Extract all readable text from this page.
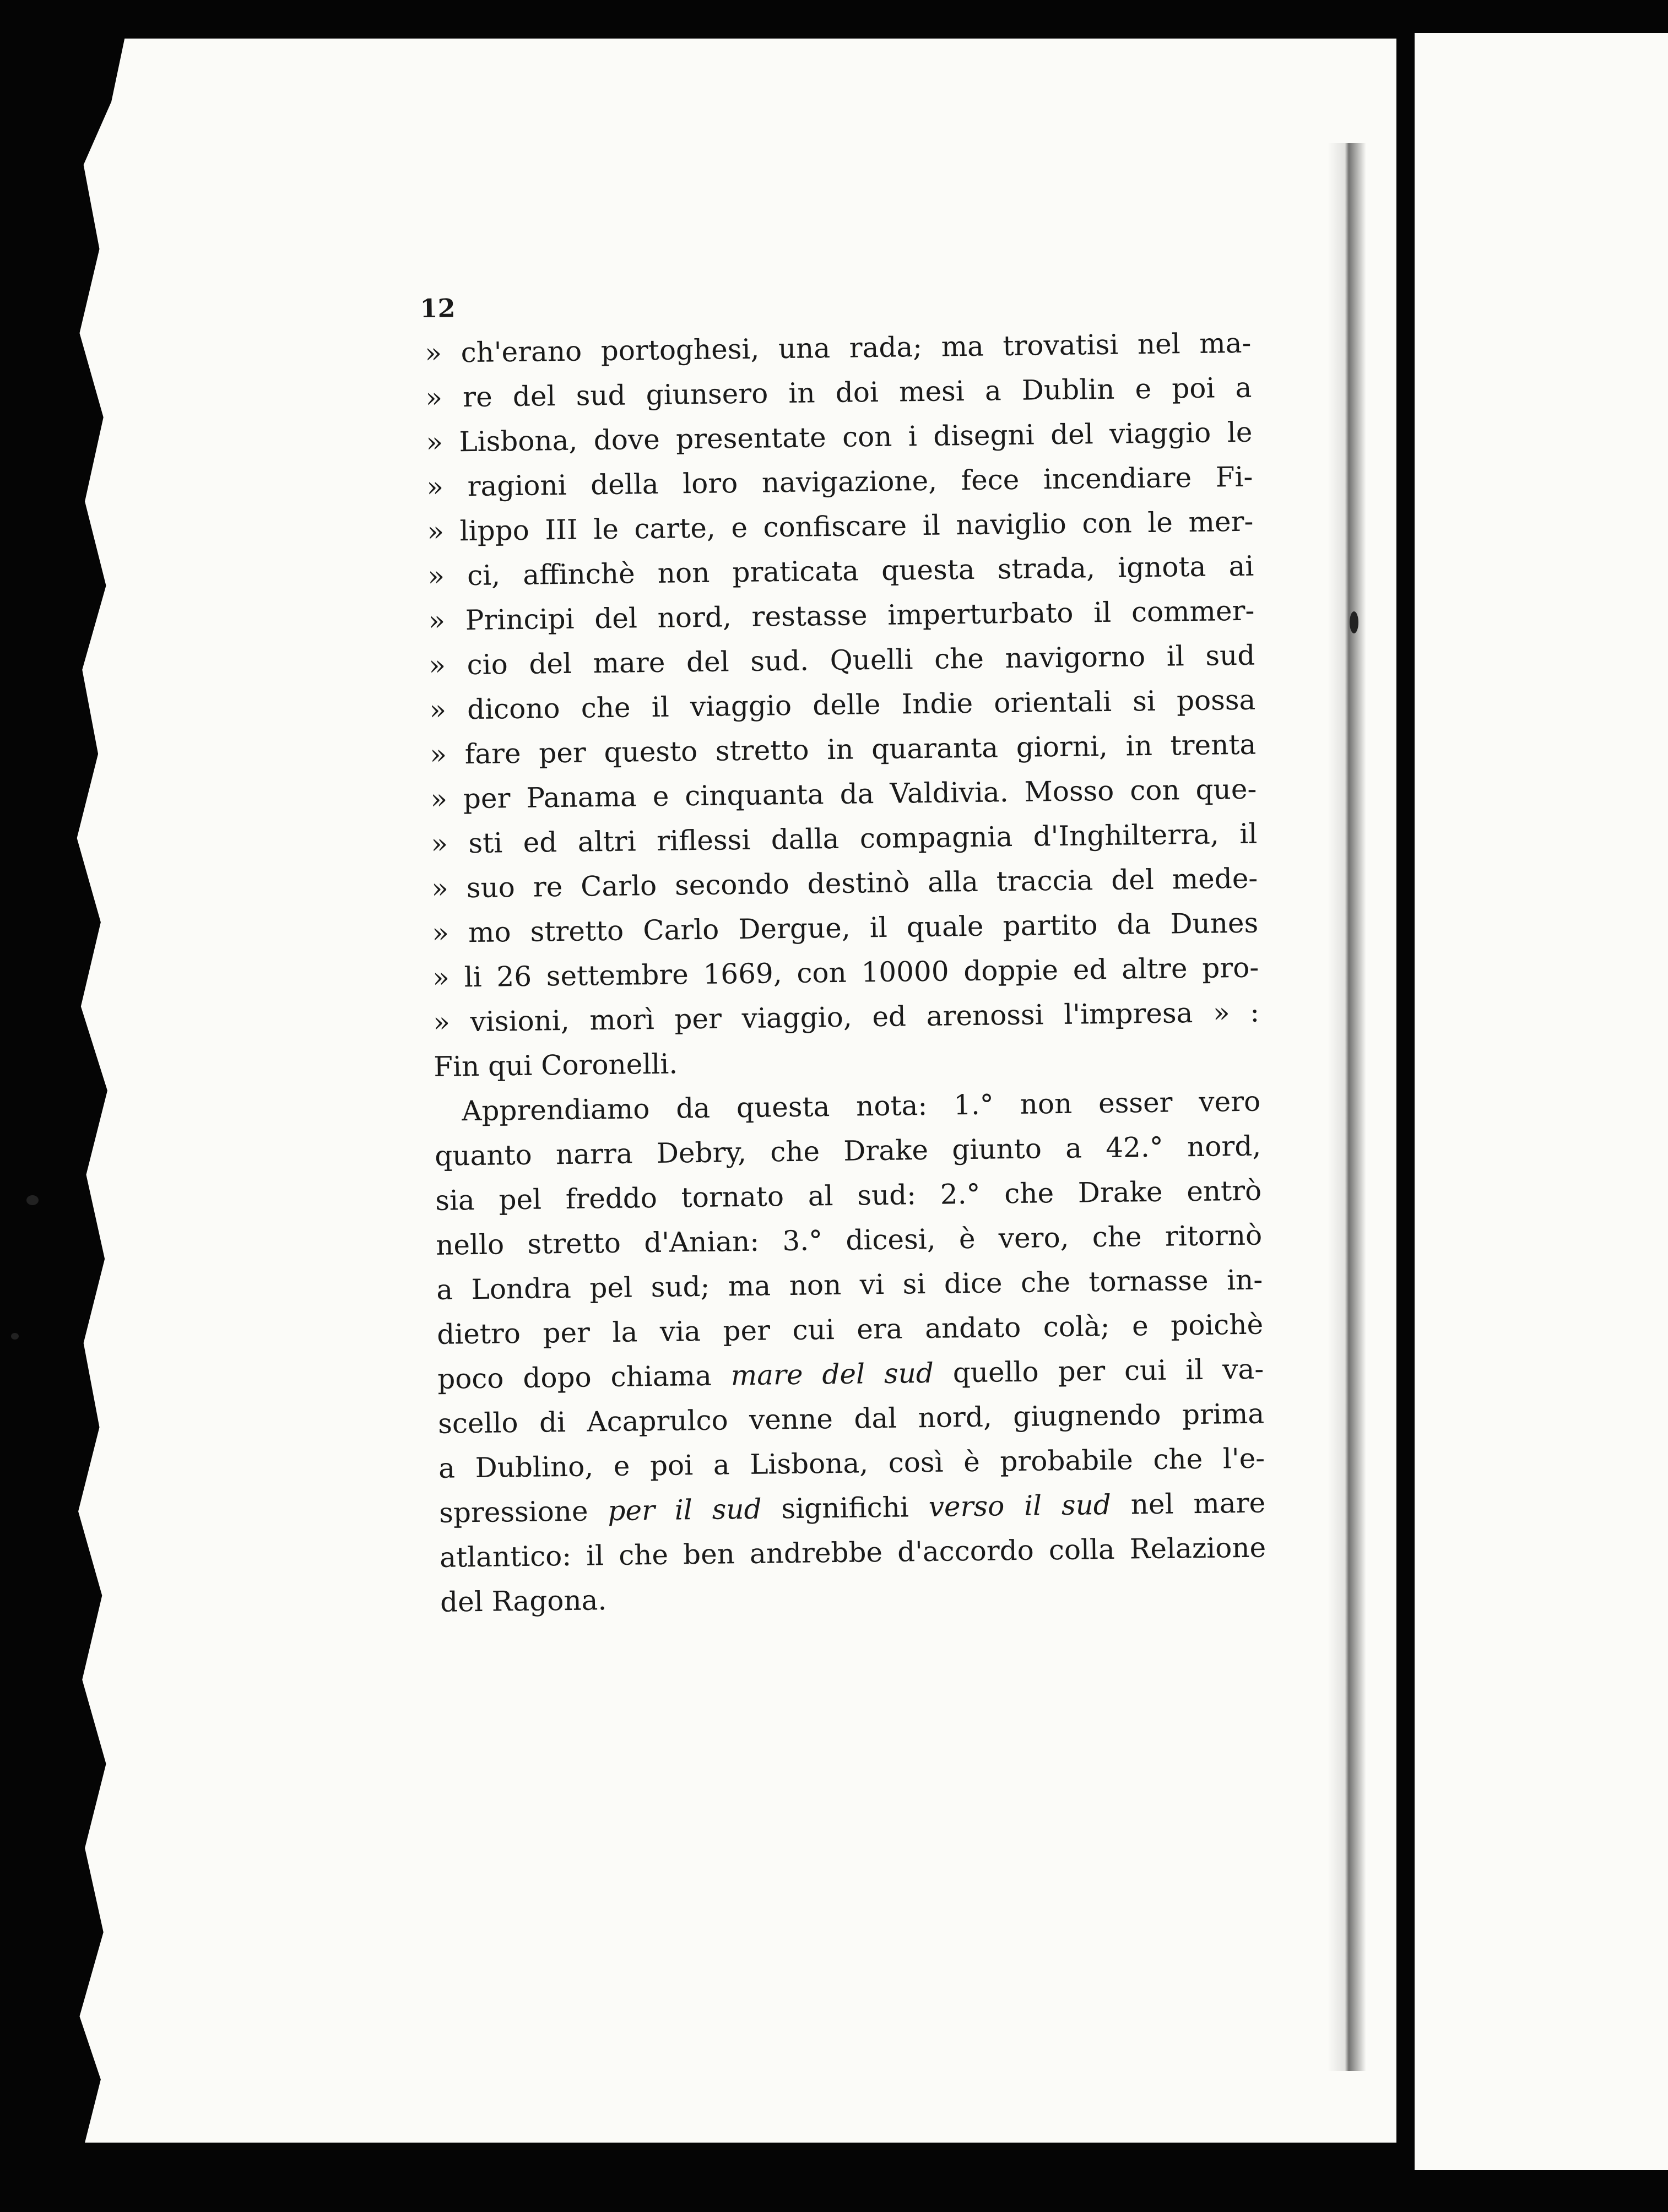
12
» ch'erano portoghesi, una rada; ma trovatisi nel ma-
» re del sud giunsero in doi mesi a Dublin e poi a
» Lisbona, dove presentate con i disegni del viaggio le
» ragioni della loro navigazione, fece incendiare Fi-
» lippo III le carte, e confiscare il naviglio con le mer-
» ci, affinchè non praticata questa strada, ignota ai
» Principi del nord, restasse imperturbato il commer-
» cio del mare del sud. Quelli che navigorno il sud
» dicono che il viaggio delle Indie orientali si possa
» fare per questo stretto in quaranta giorni, in trenta
» per Panama e cinquanta da Valdivia. Mosso con que-
» sti ed altri riflessi dalla compagnia d'Inghilterra, il
» suo re Carlo secondo destinò alla traccia del mede-
» mo stretto Carlo Dergue, il quale partito da Dunes
» li 26 settembre 1669, con 10000 doppie ed altre pro-
» visioni, morì per viaggio, ed arenossi l'impresa » :
Fin qui Coronelli.
Apprendiamo da questa nota: 1.° non esser vero
quanto narra Debry, che Drake giunto a 42.° nord,
sia pel freddo tornato al sud: 2.° che Drake entrò
nello stretto d'Anian: 3.° dicesi, è vero, che ritornò
a Londra pel sud; ma non vi si dice che tornasse in-
dietro per la via per cui era andato colà; e poichè
poco dopo chiama mare del sud quello per cui il va-
scello di Acaprulco venne dal nord, giugnendo prima
a Dublino, e poi a Lisbona, così è probabile che l'e-
spressione per il sud significhi verso il sud nel mare
atlantico: il che ben andrebbe d'accordo colla Relazione
del Ragona.
